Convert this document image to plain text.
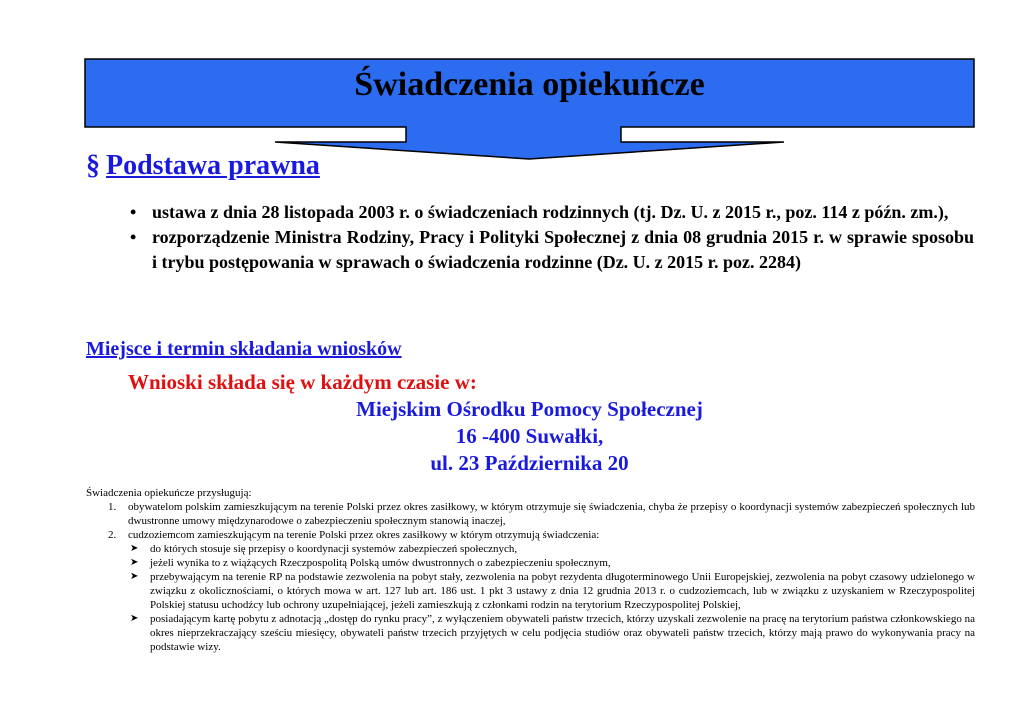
Świadczenia opiekuńcze
§ Podstawa prawna
• ustawa z dnia 28 listopada 2003 r. o świadczeniach rodzinnych (tj. Dz. U. z 2015 r., poz. 114 z późn. zm.),
• rozporządzenie Ministra Rodziny, Pracy i Polityki Społecznej z dnia 08 grudnia 2015 r. w sprawie sposobu i trybu postępowania w sprawach o świadczenia rodzinne (Dz. U. z 2015 r. poz. 2284)
Miejsce i termin składania wniosków
Wnioski składa się w każdym czasie w:
Miejskim Ośrodku Pomocy Społecznej
16 -400 Suwałki,
ul. 23 Października 20

Świadczenia opiekuńcze przysługują:

1. obywatelom polskim zamieszkującym na terenie Polski przez okres zasiłkowy, w którym otrzymuje się świadczenia, chyba że przepisy o koordynacji systemów zabezpieczeń społecznych lub dwustronne umowy międzynarodowe o zabezpieczeniu społecznym stanowią inaczej,
2. cudzoziemcom zamieszkującym na terenie Polski przez okres zasiłkowy w którym otrzymują świadczenia:
➤ do których stosuje się przepisy o koordynacji systemów zabezpieczeń społecznych,
➤ jeżeli wynika to z wiążących Rzeczpospolitą Polską umów dwustronnych o zabezpieczeniu społecznym,
➤ przebywającym na terenie RP na podstawie zezwolenia na pobyt stały, zezwolenia na pobyt rezydenta długoterminowego Unii Europejskiej, zezwolenia na pobyt czasowy udzielonego w związku z okolicznościami, o których mowa w art. 127 lub art. 186 ust. 1 pkt 3 ustawy z dnia 12 grudnia 2013 r. o cudzoziemcach, lub w związku z uzyskaniem w Rzeczypospolitej Polskiej statusu uchodźcy lub ochrony uzupełniającej, jeżeli zamieszkują z członkami rodzin na terytorium Rzeczypospolitej Polskiej,
➤ posiadającym kartę pobytu z adnotacją „dostęp do rynku pracy”, z wyłączeniem obywateli państw trzecich, którzy uzyskali zezwolenie na pracę na terytorium państwa członkowskiego na okres nieprzekraczający sześciu miesięcy, obywateli państw trzecich przyjętych w celu podjęcia studiów oraz obywateli państw trzecich, którzy mają prawo do wykonywania pracy na podstawie wizy.
